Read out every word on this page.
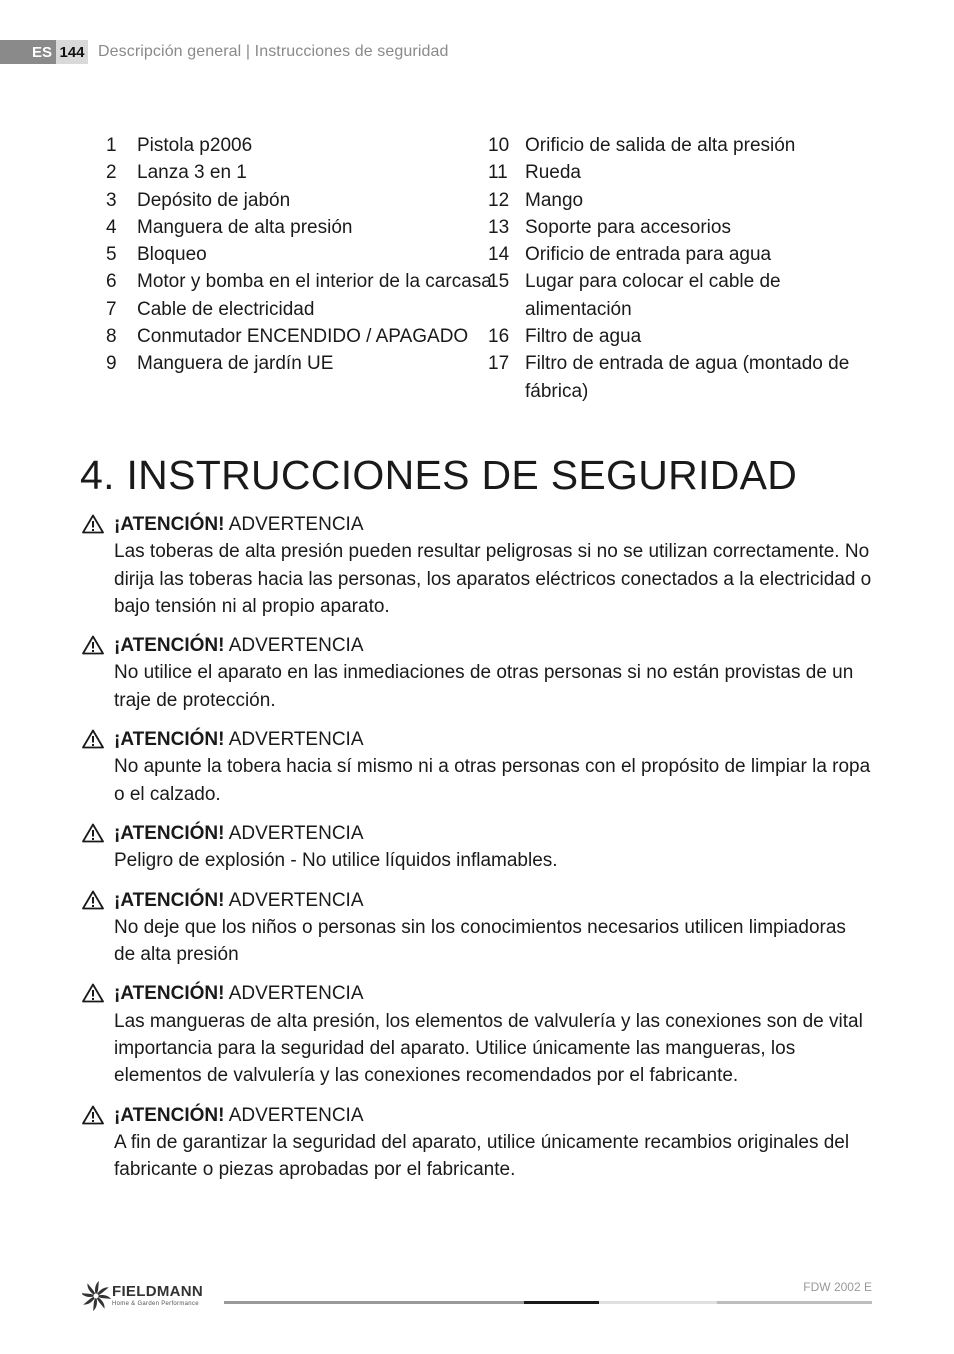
ES 144 Descripción general | Instrucciones de seguridad
1	Pistola p2006
2	Lanza 3 en 1
3	Depósito de jabón
4	Manguera de alta presión
5	Bloqueo
6	Motor y bomba en el interior de la carcasa
7	Cable de electricidad
8	Conmutador ENCENDIDO / APAGADO
9	Manguera de jardín UE
10 Orificio de salida de alta presión
11 Rueda
12 Mango
13 Soporte para accesorios
14 Orificio de entrada para agua
15 Lugar para colocar el cable de alimentación
16 Filtro de agua
17 Filtro de entrada de agua (montado de fábrica)
4. INSTRUCCIONES DE SEGURIDAD
¡ATENCIÓN! ADVERTENCIA
Las toberas de alta presión pueden resultar peligrosas si no se utilizan correctamente. No dirija las toberas hacia las personas, los aparatos eléctricos conectados a la electricidad o bajo tensión ni al propio aparato.
¡ATENCIÓN! ADVERTENCIA
No utilice el aparato en las inmediaciones de otras personas si no están provistas de un traje de protección.
¡ATENCIÓN! ADVERTENCIA
No apunte la tobera hacia sí mismo ni a otras personas con el propósito de limpiar la ropa o el calzado.
¡ATENCIÓN! ADVERTENCIA
Peligro de explosión - No utilice líquidos inflamables.
¡ATENCIÓN! ADVERTENCIA
No deje que los niños o personas sin los conocimientos necesarios utilicen limpiadoras de alta presión
¡ATENCIÓN! ADVERTENCIA
Las mangueras de alta presión, los elementos de valvulería y las conexiones son de vital importancia para la seguridad del aparato. Utilice únicamente las mangueras, los elementos de valvulería y las conexiones recomendados por el fabricante.
¡ATENCIÓN! ADVERTENCIA
A fin de garantizar la seguridad del aparato, utilice únicamente recambios originales del fabricante o piezas aprobadas por el fabricante.
FIELDMANN
Home & Garden Performance
FDW 2002 E
